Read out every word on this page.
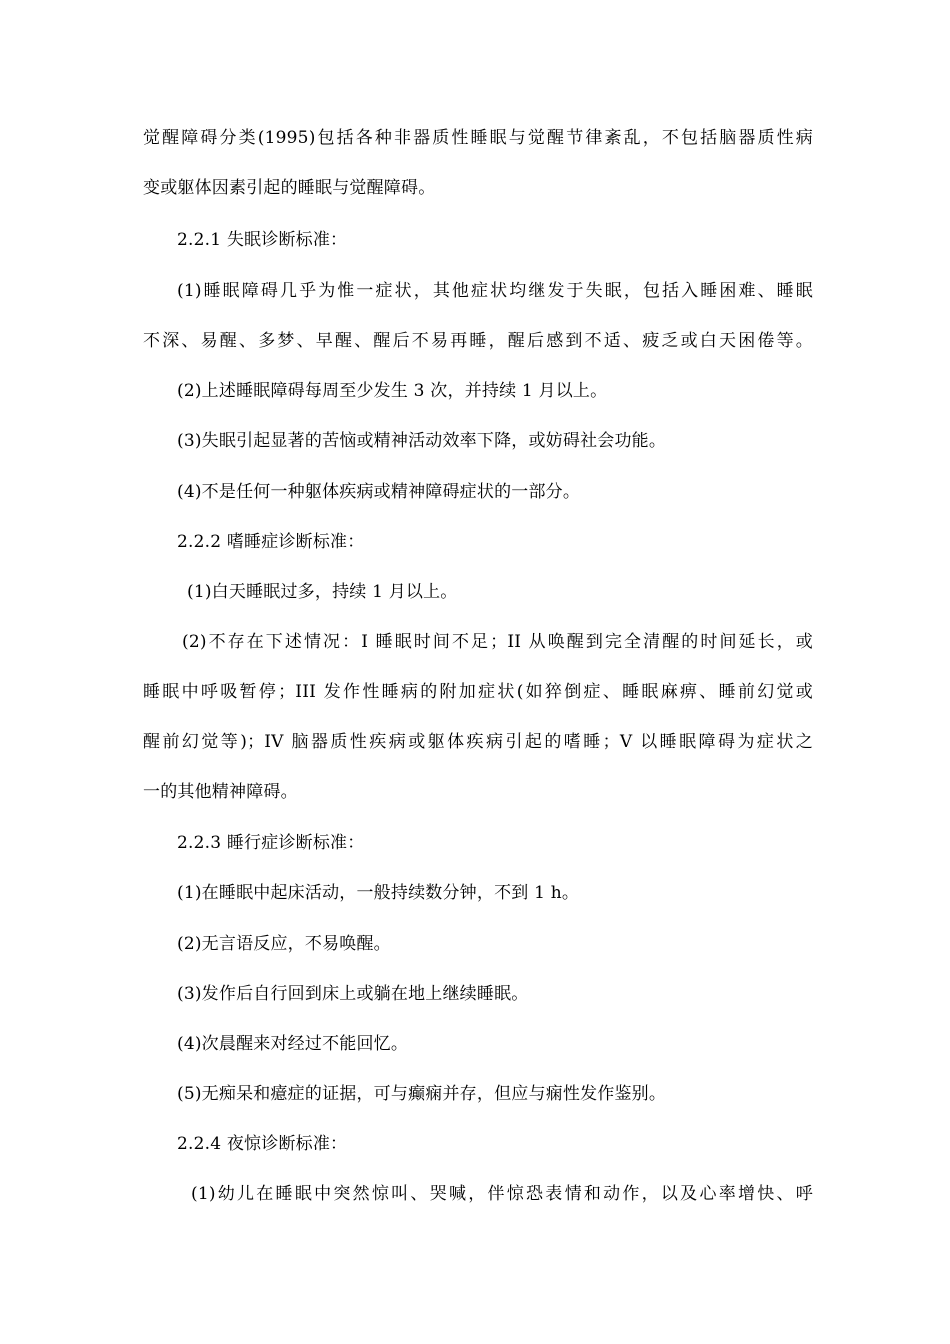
觉醒障碍分类(1995)包括各种非器质性睡眠与觉醒节律紊乱，不包括脑器质性病
变或躯体因素引起的睡眠与觉醒障碍。
2.2.1 失眠诊断标准：
(1)睡眠障碍几乎为惟一症状，其他症状均继发于失眠，包括入睡困难、睡眠
不深、易醒、多梦、早醒、醒后不易再睡，醒后感到不适、疲乏或白天困倦等。
(2)上述睡眠障碍每周至少发生 3 次，并持续 1 月以上。
(3)失眠引起显著的苦恼或精神活动效率下降，或妨碍社会功能。
(4)不是任何一种躯体疾病或精神障碍症状的一部分。
2.2.2 嗜睡症诊断标准：
(1)白天睡眠过多，持续 1 月以上。
(2)不存在下述情况：I 睡眠时间不足；II 从唤醒到完全清醒的时间延长，或
睡眠中呼吸暂停；III 发作性睡病的附加症状(如猝倒症、睡眠麻痹、睡前幻觉或
醒前幻觉等)；IV 脑器质性疾病或躯体疾病引起的嗜睡；V 以睡眠障碍为症状之
一的其他精神障碍。
2.2.3 睡行症诊断标准：
(1)在睡眠中起床活动，一般持续数分钟，不到 1 h。
(2)无言语反应，不易唤醒。
(3)发作后自行回到床上或躺在地上继续睡眠。
(4)次晨醒来对经过不能回忆。
(5)无痴呆和癔症的证据，可与癫痫并存，但应与痫性发作鉴别。
2.2.4 夜惊诊断标准：
(1)幼儿在睡眠中突然惊叫、哭喊，伴惊恐表情和动作，以及心率增快、呼
